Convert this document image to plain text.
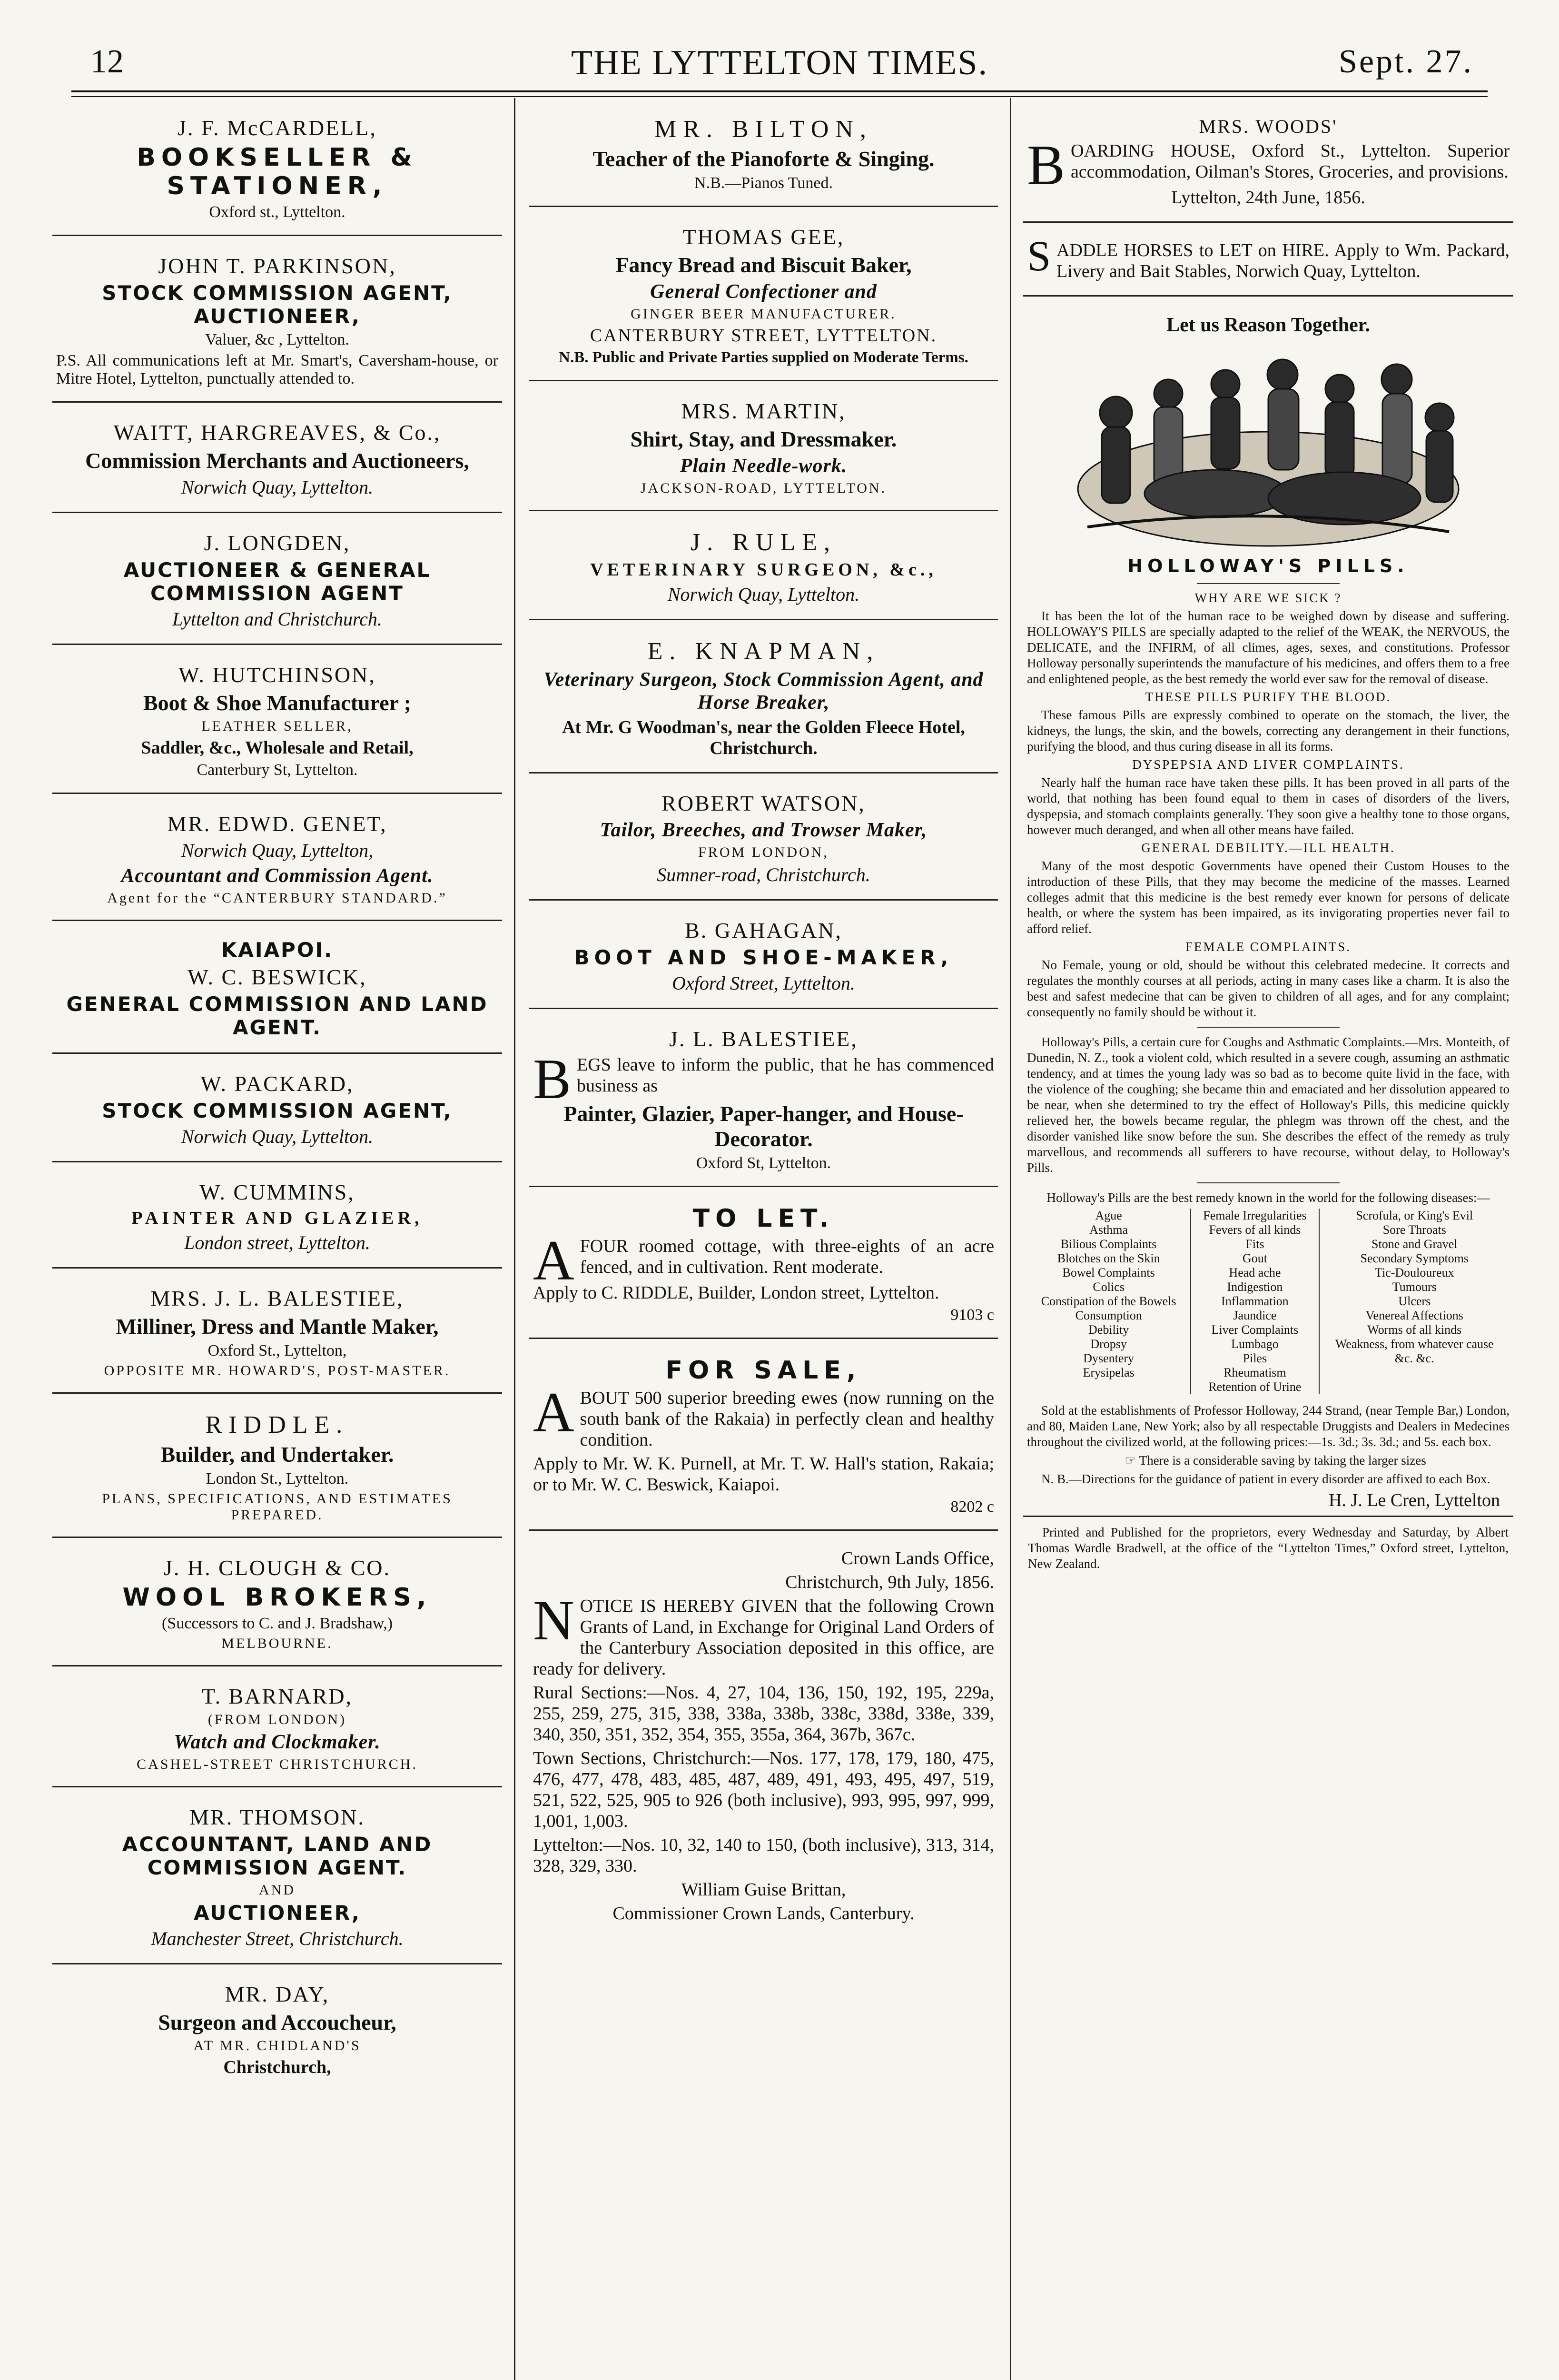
12	THE LYTTELTON TIMES.	Sept. 27.

J. F. McCARDELL,

BOOKSELLER & STATIONER,

Oxford st., Lyttelton.

JOHN T. PARKINSON,

STOCK COMMISSION AGENT, AUCTIONEER,

Valuer, &c , Lyttelton.

P.S. All communications left at Mr. Smart's, Caversham-house, or Mitre Hotel, Lyttelton, punctually attended to.

WAITT, HARGREAVES, & Co.,

Commission Merchants and Auctioneers,

Norwich Quay, Lyttelton.

J. LONGDEN,

AUCTIONEER & GENERAL COMMISSION AGENT

Lyttelton and Christchurch.

W. HUTCHINSON,

Boot & Shoe Manufacturer ;

LEATHER SELLER,

Saddler, &c., Wholesale and Retail,

Canterbury St, Lyttelton.

MR. EDWD. GENET,

Norwich Quay, Lyttelton,

Accountant and Commission Agent.

Agent for the “CANTERBURY STANDARD.”

KAIAPOI.

W. C. BESWICK,

GENERAL COMMISSION AND LAND AGENT.

W. PACKARD,

STOCK COMMISSION AGENT,

Norwich Quay, Lyttelton.

W. CUMMINS,

PAINTER AND GLAZIER,

London street, Lyttelton.

MRS. J. L. BALESTIEE,

Milliner, Dress and Mantle Maker,

Oxford St., Lyttelton,

OPPOSITE MR. HOWARD'S, POST-MASTER.

RIDDLE.

Builder, and Undertaker.

London St., Lyttelton.

PLANS, SPECIFICATIONS, AND ESTIMATES PREPARED.

J. H. CLOUGH & CO.

WOOL BROKERS,

(Successors to C. and J. Bradshaw,)

MELBOURNE.

T. BARNARD,

(FROM LONDON)

Watch and Clockmaker.

CASHEL-STREET CHRISTCHURCH.

MR. THOMSON.

ACCOUNTANT, LAND AND COMMISSION AGENT.

AND

AUCTIONEER,

Manchester Street, Christchurch.

MR. DAY,

Surgeon and Accoucheur,

AT MR. CHIDLAND'S

Christchurch,

MR. BILTON,

Teacher of the Pianoforte & Singing.

N.B.—Pianos Tuned.

THOMAS GEE,

Fancy Bread and Biscuit Baker,

General Confectioner and

GINGER BEER MANUFACTURER.

CANTERBURY STREET, LYTTELTON.

N.B. Public and Private Parties supplied on Moderate Terms.

MRS. MARTIN,

Shirt, Stay, and Dressmaker.

Plain Needle-work.

JACKSON-ROAD, LYTTELTON.

J. RULE,

VETERINARY SURGEON, &c.,

Norwich Quay, Lyttelton.

E. KNAPMAN,

Veterinary Surgeon, Stock Commission Agent, and Horse Breaker,

At Mr. G Woodman's, near the Golden Fleece Hotel, Christchurch.

ROBERT WATSON,

Tailor, Breeches, and Trowser Maker,

FROM LONDON,

Sumner-road, Christchurch.

B. GAHAGAN,

BOOT AND SHOE-MAKER,

Oxford Street, Lyttelton.

J. L. BALESTIEE,

B EGS leave to inform the public, that he has commenced business as

Painter, Glazier, Paper-hanger, and House-Decorator.

Oxford St, Lyttelton.

TO LET.

A FOUR roomed cottage, with three-eights of an acre fenced, and in cultivation. Rent moderate.

Apply to C. RIDDLE, Builder, London street, Lyttelton.

9103 c

FOR SALE,

A BOUT 500 superior breeding ewes (now running on the south bank of the Rakaia) in perfectly clean and healthy condition.

Apply to Mr. W. K. Purnell, at Mr. T. W. Hall's station, Rakaia; or to Mr. W. C. Beswick, Kaiapoi.

8202 c

Crown Lands Office,

Christchurch, 9th July, 1856.

N OTICE IS HEREBY GIVEN that the following Crown Grants of Land, in Exchange for Original Land Orders of the Canterbury Association deposited in this office, are ready for delivery.

Rural Sections:—Nos. 4, 27, 104, 136, 150, 192, 195, 229a, 255, 259, 275, 315, 338, 338a, 338b, 338c, 338d, 338e, 339, 340, 350, 351, 352, 354, 355, 355a, 364, 367b, 367c.

Town Sections, Christchurch:—Nos. 177, 178, 179, 180, 475, 476, 477, 478, 483, 485, 487, 489, 491, 493, 495, 497, 519, 521, 522, 525, 905 to 926 (both inclusive), 993, 995, 997, 999, 1,001, 1,003.

Lyttelton:—Nos. 10, 32, 140 to 150, (both inclusive), 313, 314, 328, 329, 330.

William Guise Brittan,

Commissioner Crown Lands, Canterbury.

MRS. WOODS'

B OARDING HOUSE, Oxford St., Lyttelton. Superior accommodation, Oilman's Stores, Groceries, and provisions.

Lyttelton, 24th June, 1856.

S ADDLE HORSES to LET on HIRE. Apply to Wm. Packard, Livery and Bait Stables, Norwich Quay, Lyttelton.

Let us Reason Together.

HOLLOWAY'S PILLS.

WHY ARE WE SICK ?

It has been the lot of the human race to be weighed down by disease and suffering. HOLLOWAY'S PILLS are specially adapted to the relief of the WEAK, the NERVOUS, the DELICATE, and the INFIRM, of all climes, ages, sexes, and constitutions. Professor Holloway personally superintends the manufacture of his medicines, and offers them to a free and enlightened people, as the best remedy the world ever saw for the removal of disease.

THESE PILLS PURIFY THE BLOOD.

These famous Pills are expressly combined to operate on the stomach, the liver, the kidneys, the lungs, the skin, and the bowels, correcting any derangement in their functions, purifying the blood, and thus curing disease in all its forms.

DYSPEPSIA AND LIVER COMPLAINTS.

Nearly half the human race have taken these pills. It has been proved in all parts of the world, that nothing has been found equal to them in cases of disorders of the livers, dyspepsia, and stomach complaints generally. They soon give a healthy tone to those organs, however much deranged, and when all other means have failed.

GENERAL DEBILITY.—ILL HEALTH.

Many of the most despotic Governments have opened their Custom Houses to the introduction of these Pills, that they may become the medicine of the masses. Learned colleges admit that this medicine is the best remedy ever known for persons of delicate health, or where the system has been impaired, as its invigorating properties never fail to afford relief.

FEMALE COMPLAINTS.

No Female, young or old, should be without this celebrated medecine. It corrects and regulates the monthly courses at all periods, acting in many cases like a charm. It is also the best and safest medecine that can be given to children of all ages, and for any complaint; consequently no family should be without it.

Holloway's Pills, a certain cure for Coughs and Asthmatic Complaints.—Mrs. Monteith, of Dunedin, N. Z., took a violent cold, which resulted in a severe cough, assuming an asthmatic tendency, and at times the young lady was so bad as to become quite livid in the face, with the violence of the coughing; she became thin and emaciated and her dissolution appeared to be near, when she determined to try the effect of Holloway's Pills, this medicine quickly relieved her, the bowels became regular, the phlegm was thrown off the chest, and the disorder vanished like snow before the sun. She describes the effect of the remedy as truly marvellous, and recommends all sufferers to have recourse, without delay, to Holloway's Pills.

Holloway's Pills are the best remedy known in the world for the following diseases:—

Ague
Asthma
Bilious Complaints
Blotches on the Skin
Bowel Complaints
Colics
Constipation of the Bowels
Consumption
Debility
Dropsy
Dysentery
Erysipelas

Female Irregularities
Fevers of all kinds
Fits
Gout
Head ache
Indigestion
Inflammation
Jaundice
Liver Complaints
Lumbago
Piles
Rheumatism
Retention of Urine

Scrofula, or King's Evil
Sore Throats
Stone and Gravel
Secondary Symptoms
Tic-Douloureux
Tumours
Ulcers
Venereal Affections
Worms of all kinds
Weakness, from whatever cause
&c. &c.

Sold at the establishments of Professor Holloway, 244 Strand, (near Temple Bar,) London, and 80, Maiden Lane, New York; also by all respectable Druggists and Dealers in Medecines throughout the civilized world, at the following prices:—1s. 3d.; 3s. 3d.; and 5s. each box.

☞ There is a considerable saving by taking the larger sizes

N. B.—Directions for the guidance of patient in every disorder are affixed to each Box.

H. J. Le Cren, Lyttelton

Printed and Published for the proprietors, every Wednesday and Saturday, by Albert Thomas Wardle Bradwell, at the office of the “Lyttelton Times,” Oxford street, Lyttelton, New Zealand.
